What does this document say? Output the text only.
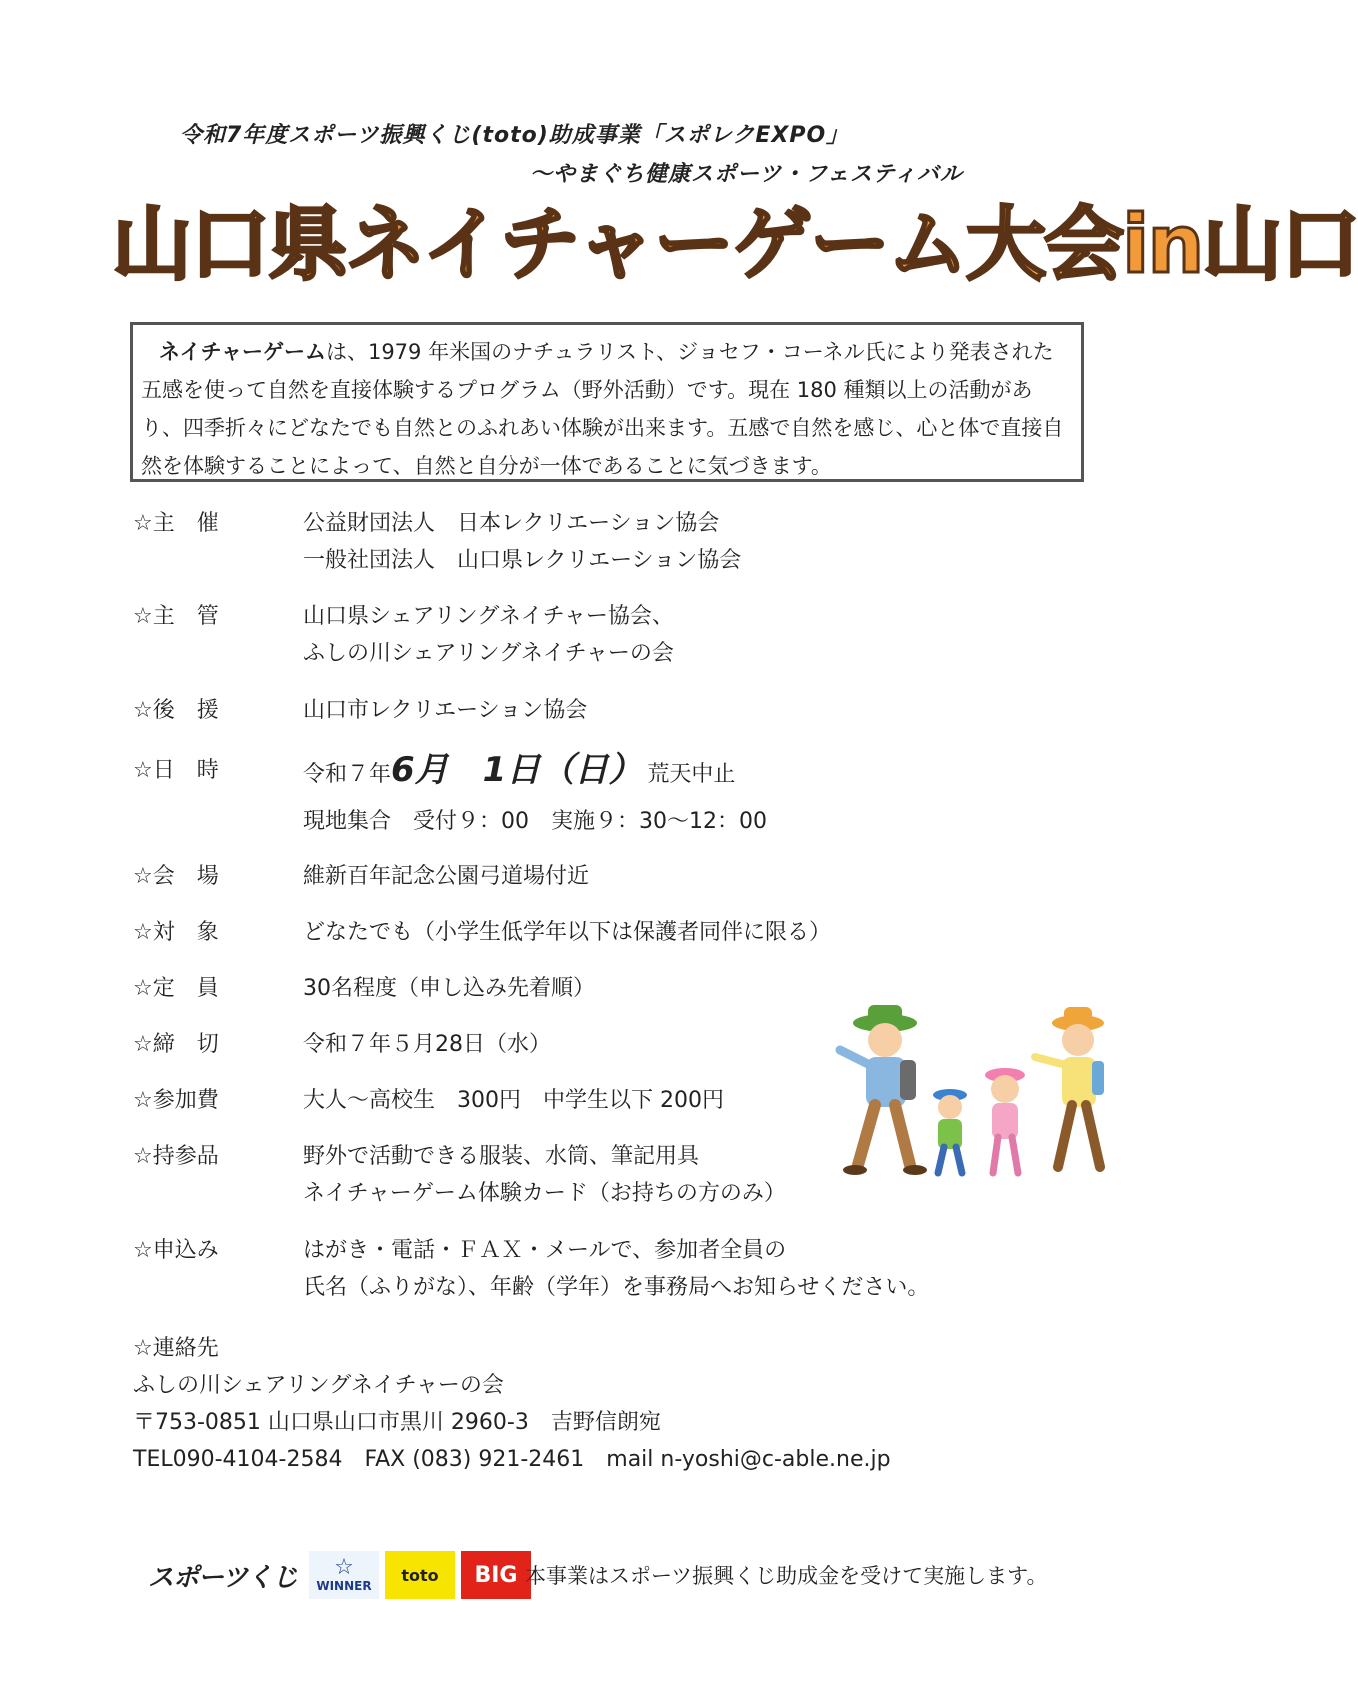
令和7年度スポーツ振興くじ(toto)助成事業「スポレクEXPO」
～やまぐち健康スポーツ・フェスティバル
山口県ネイチャーゲーム大会in山口
ネイチャーゲームは、1979 年米国のナチュラリスト、ジョセフ・コーネル氏により発表された五感を使って自然を直接体験するプログラム（野外活動）です。現在 180 種類以上の活動があり、四季折々にどなたでも自然とのふれあい体験が出来ます。五感で自然を感じ、心と体で直接自然を体験することによって、自然と自分が一体であることに気づきます。
☆主　催	公益財団法人　日本レクリエーション協会
一般社団法人　山口県レクリエーション協会
☆主　管	山口県シェアリングネイチャー協会、
ふしの川シェアリングネイチャーの会
☆後　援	山口市レクリエーション協会
☆日　時	令和７年6月　1日（日）　 荒天中止
現地集合　受付９：00　実施９：30～12：00
☆会　場	維新百年記念公園弓道場付近
☆対　象	どなたでも（小学生低学年以下は保護者同伴に限る）
☆定　員	30名程度（申し込み先着順）
☆締　切	令和７年５月28日（水）
☆参加費	大人～高校生　300円　中学生以下 200円
☆持参品	野外で活動できる服装、水筒、筆記用具
ネイチャーゲーム体験カード（お持ちの方のみ）
☆申込み	はがき・電話・ＦＡＸ・メールで、参加者全員の
氏名（ふりがな）、年齢（学年）を事務局へお知らせください。
☆連絡先
ふしの川シェアリングネイチャーの会
〒753-0851 山口県山口市黒川 2960-3　吉野信朗宛
TEL090-4104-2584　FAX (083) 921-2461　mail n-yoshi@c-able.ne.jp
スポーツくじ ☆
WINNER
toto	BIG 本事業はスポーツ振興くじ助成金を受けて実施します。
